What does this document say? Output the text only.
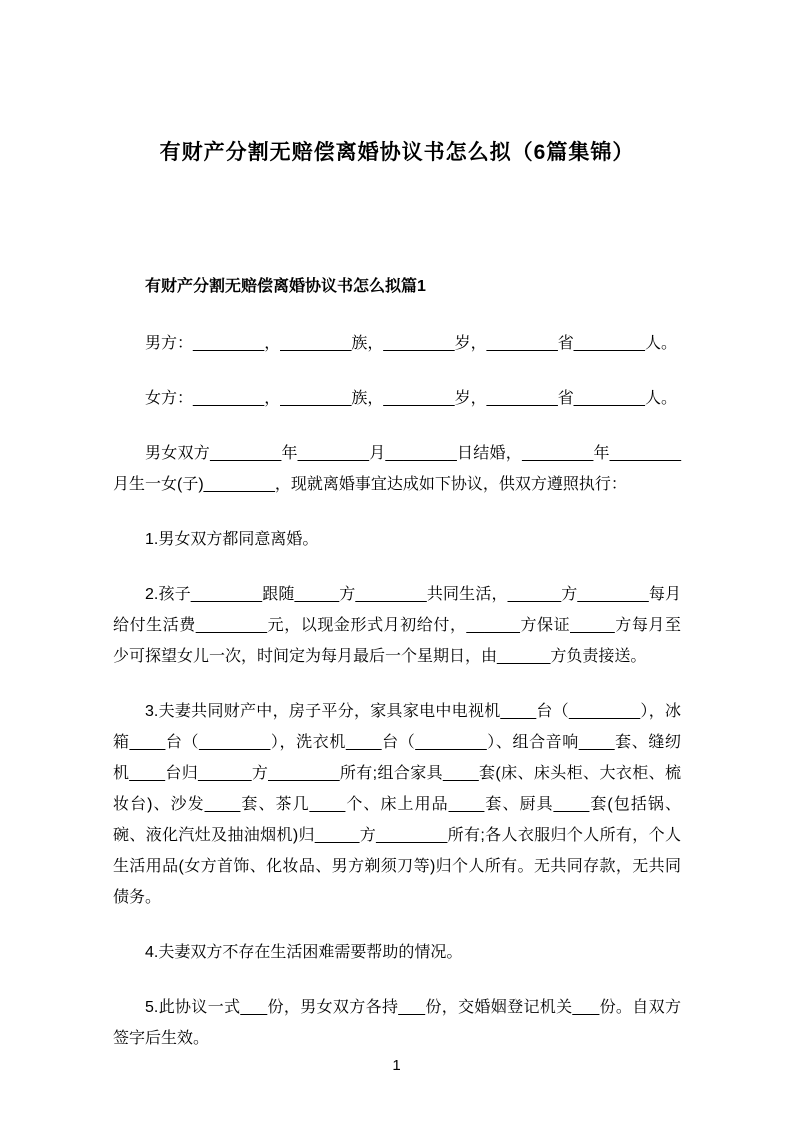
有财产分割无赔偿离婚协议书怎么拟（6篇集锦）
有财产分割无赔偿离婚协议书怎么拟篇1

男方：________，________族，________岁，________省________人。

女方：________，________族，________岁，________省________人。

男女双方________年________月________日结婚，________年________月生一女(子)________，现就离婚事宜达成如下协议，供双方遵照执行：

1.男女双方都同意离婚。

2.孩子________跟随_____方________共同生活，______方________每月给付生活费________元，以现金形式月初给付，______方保证_____方每月至少可探望女儿一次，时间定为每月最后一个星期日，由______方负责接送。

3.夫妻共同财产中，房子平分，家具家电中电视机____台（________），冰箱____台（________），洗衣机____台（________）、组合音响____套、缝纫机____台归______方________所有;组合家具____套(床、床头柜、大衣柜、梳妆台)、沙发____套、茶几____个、床上用品____套、厨具____套(包括锅、碗、液化汽灶及抽油烟机)归_____方________所有;各人衣服归个人所有，个人生活用品(女方首饰、化妆品、男方剃须刀等)归个人所有。无共同存款，无共同债务。

4.夫妻双方不存在生活困难需要帮助的情况。

5.此协议一式___份，男女双方各持___份，交婚姻登记机关___份。自双方签字后生效。

1
